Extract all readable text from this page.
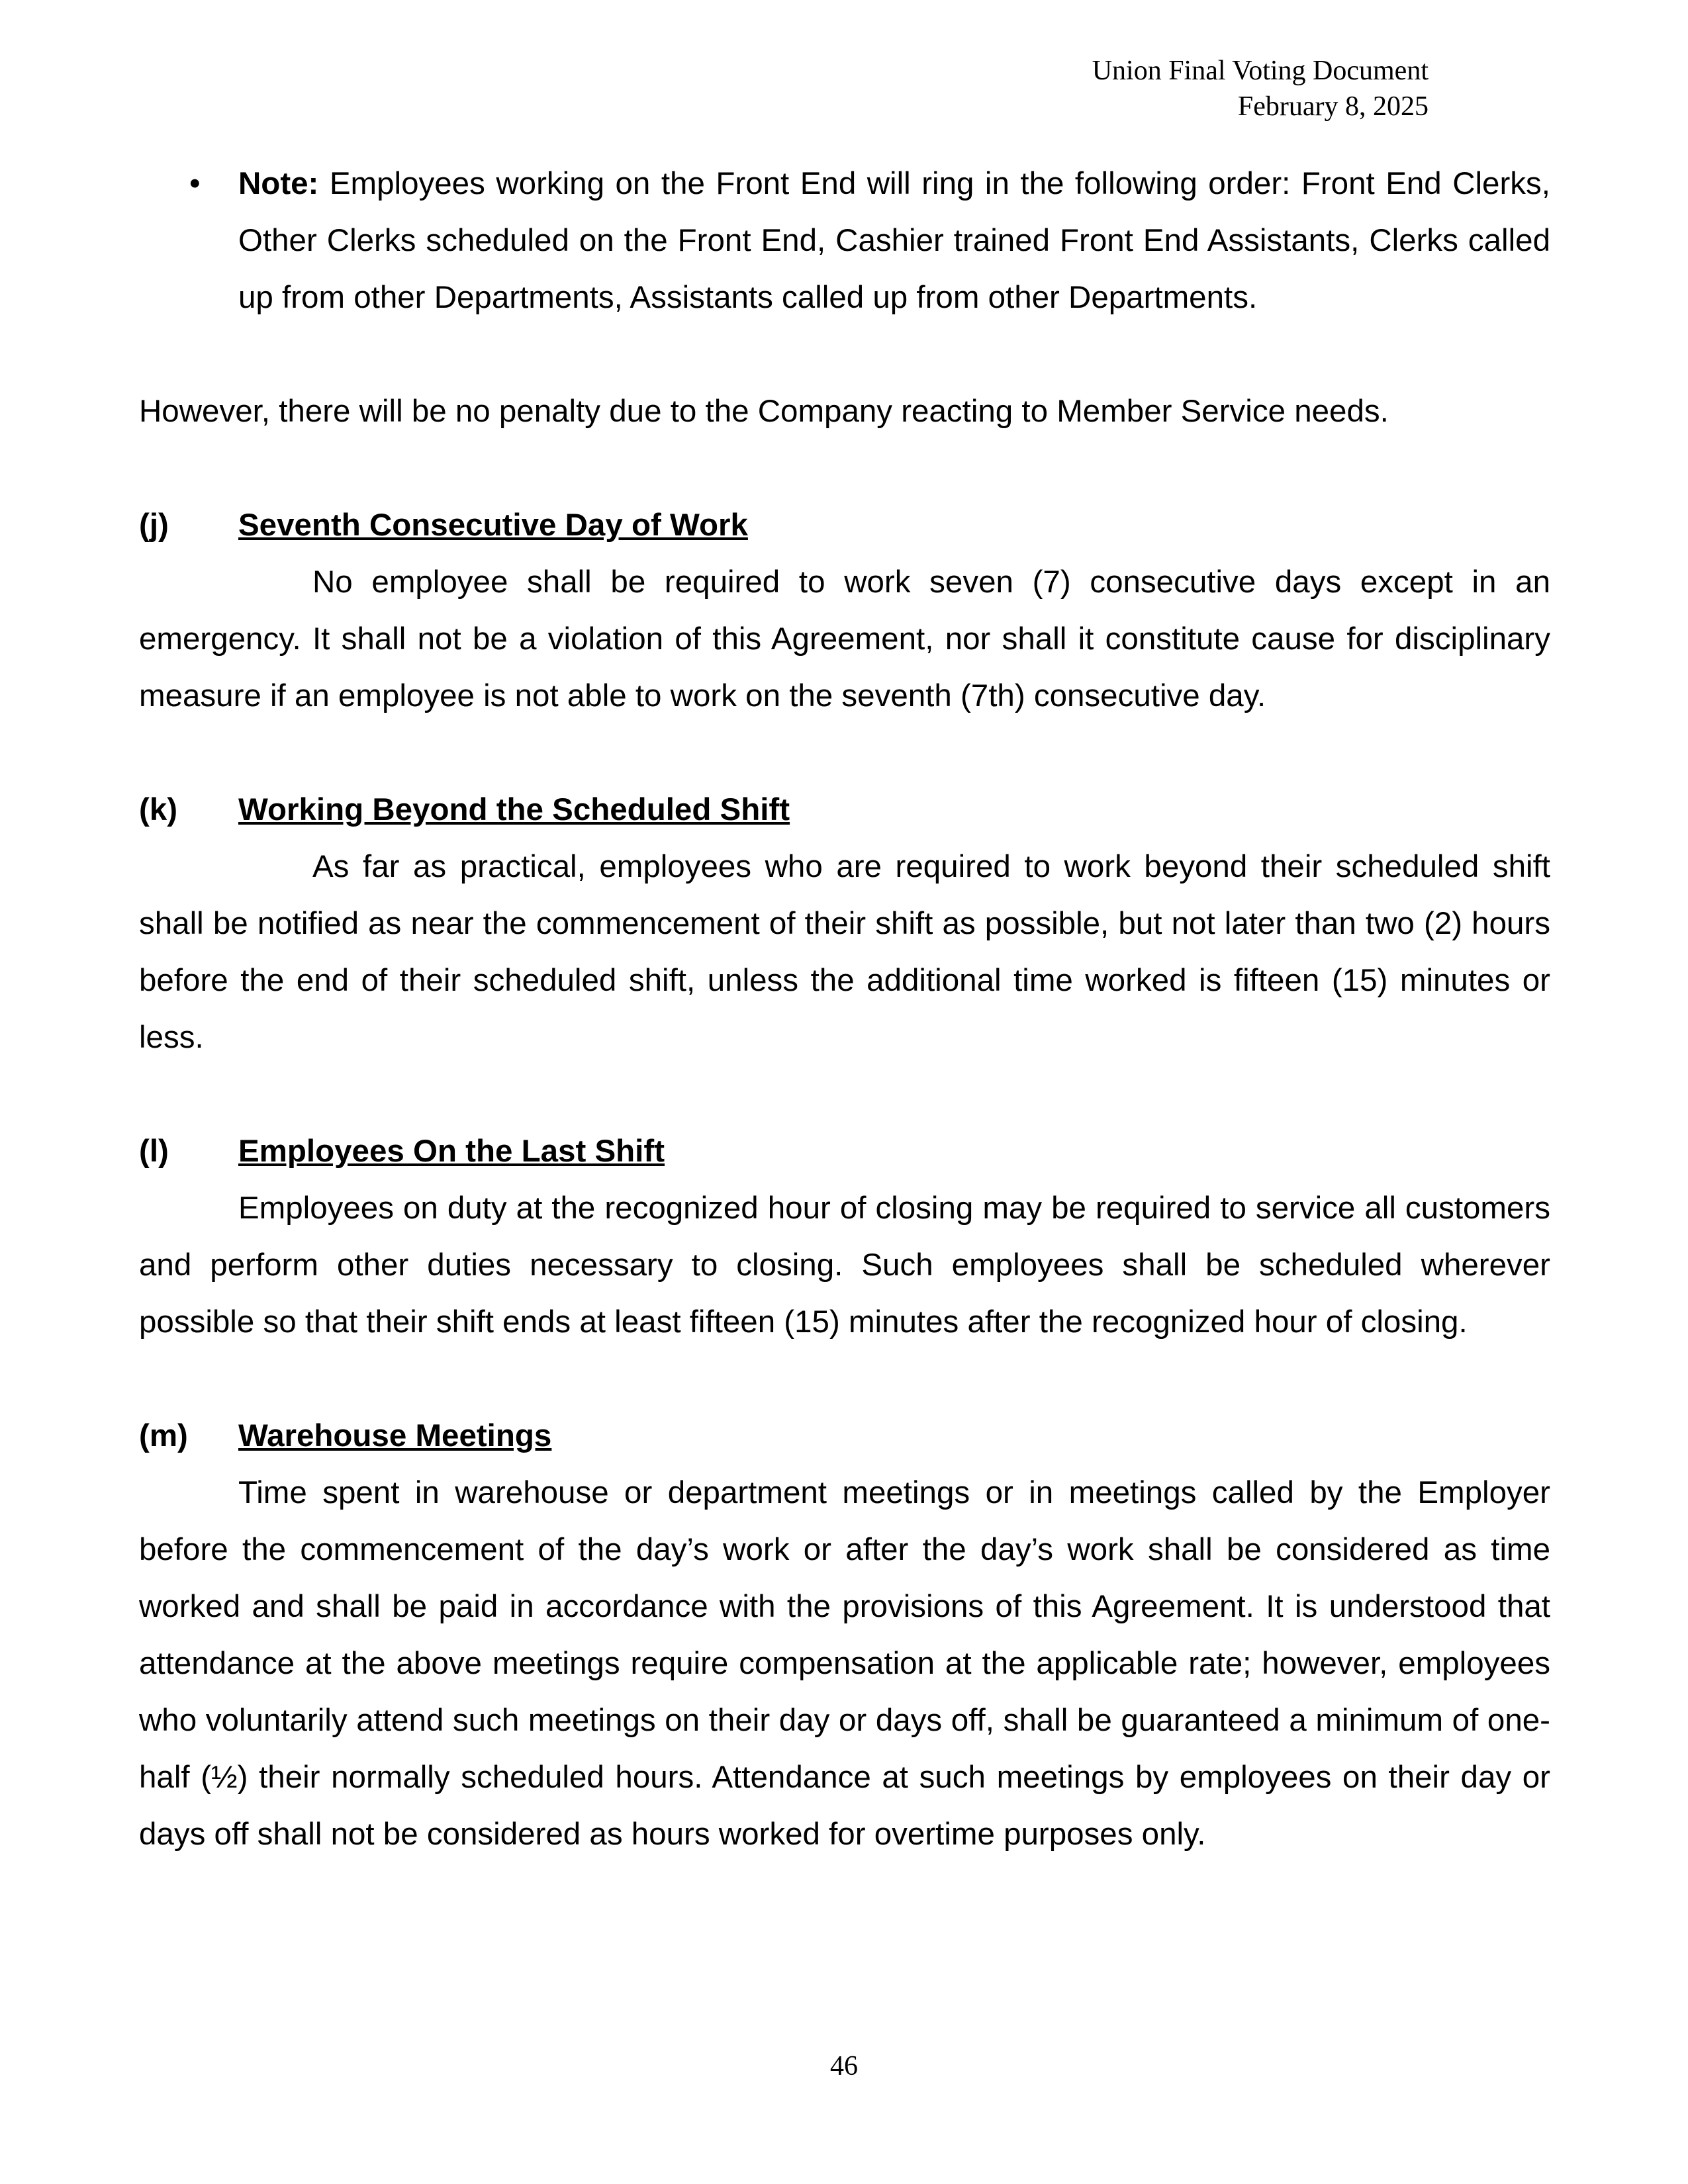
Union Final Voting Document
February 8, 2025
• Note: Employees working on the Front End will ring in the following order: Front End Clerks, Other Clerks scheduled on the Front End, Cashier trained Front End Assistants, Clerks called up from other Departments, Assistants called up from other Departments.
However, there will be no penalty due to the Company reacting to Member Service needs.
(j) Seventh Consecutive Day of Work
No employee shall be required to work seven (7) consecutive days except in an emergency. It shall not be a violation of this Agreement, nor shall it constitute cause for disciplinary measure if an employee is not able to work on the seventh (7th) consecutive day.
(k) Working Beyond the Scheduled Shift
As far as practical, employees who are required to work beyond their scheduled shift shall be notified as near the commencement of their shift as possible, but not later than two (2) hours before the end of their scheduled shift, unless the additional time worked is fifteen (15) minutes or less.
(l) Employees On the Last Shift
Employees on duty at the recognized hour of closing may be required to service all customers and perform other duties necessary to closing. Such employees shall be scheduled wherever possible so that their shift ends at least fifteen (15) minutes after the recognized hour of closing.
(m) Warehouse Meetings
Time spent in warehouse or department meetings or in meetings called by the Employer before the commencement of the day’s work or after the day’s work shall be considered as time worked and shall be paid in accordance with the provisions of this Agreement. It is understood that attendance at the above meetings require compensation at the applicable rate; however, employees who voluntarily attend such meetings on their day or days off, shall be guaranteed a minimum of one-half (½) their normally scheduled hours. Attendance at such meetings by employees on their day or days off shall not be considered as hours worked for overtime purposes only.
46
